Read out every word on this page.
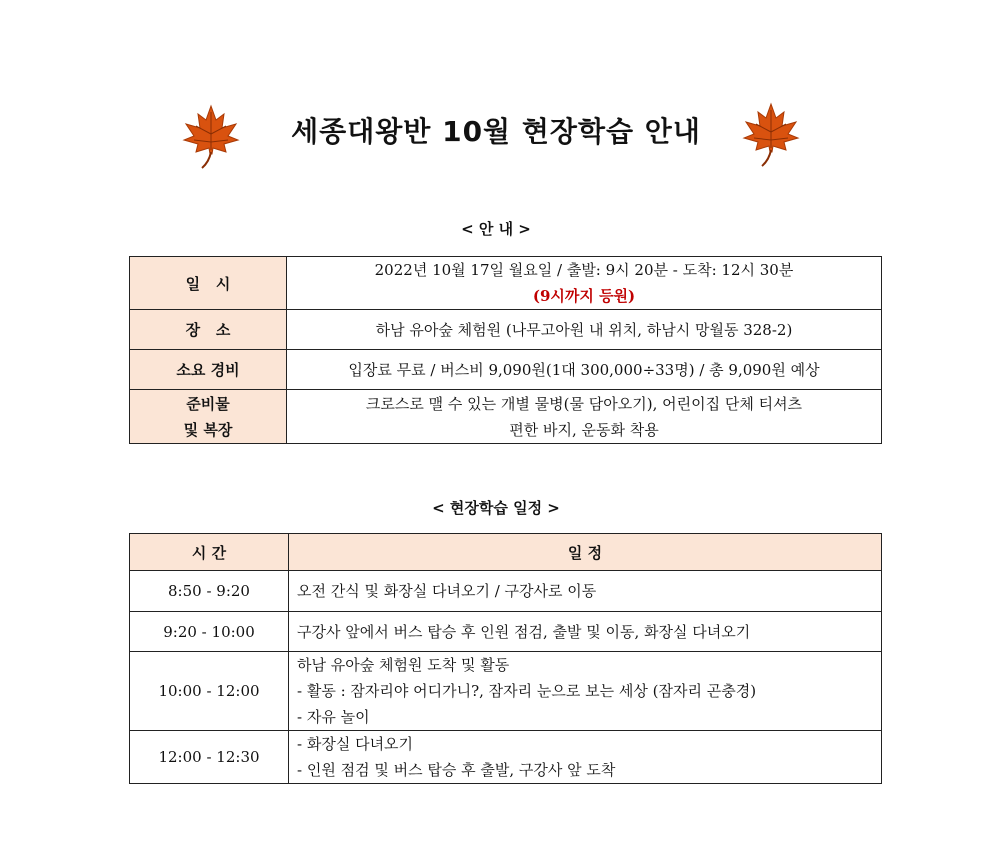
세종대왕반 10월 현장학습 안내
< 안 내 >
일   시	2022년 10월 17일 월요일 / 출발: 9시 20분 - 도착: 12시 30분
(9시까지 등원)

장   소	하남 유아숲 체험원 (나무고아원 내 위치, 하남시 망월동 328-2)
소요 경비	입장료 무료 / 버스비 9,090원(1대 300,000÷33명) / 총 9,090원 예상

준비물
및 복장	크로스로 맬 수 있는 개별 물병(물 담아오기), 어린이집 단체 티셔츠
편한 바지, 운동화 착용
< 현장학습 일정 >
시 간	일 정
8:50 - 9:20	오전 간식 및 화장실 다녀오기 / 구강사로 이동

9:20 - 10:00	구강사 앞에서 버스 탑승 후 인원 점검, 출발 및 이동, 화장실 다녀오기

10:00 - 12:00	하남 유아숲 체험원 도착 및 활동
- 활동 : 잠자리야 어디가니?, 잠자리 눈으로 보는 세상 (잠자리 곤충경)
- 자유 놀이

12:00 - 12:30	- 화장실 다녀오기
- 인원 점검 및 버스 탑승 후 출발, 구강사 앞 도착
